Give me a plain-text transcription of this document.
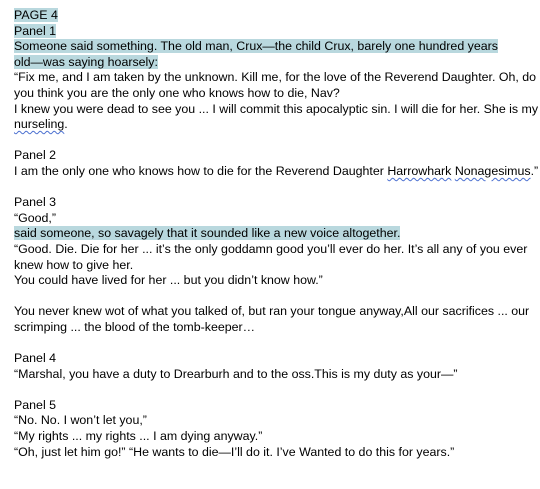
PAGE 4
Panel 1
Someone said something. The old man, Crux—the child Crux, barely one hundred years
old—was saying hoarsely:
“Fix me, and I am taken by the unknown. Kill me, for the love of the Reverend Daughter. Oh, do
you think you are the only one who knows how to die, Nav?
I knew you were dead to see you ... I will commit this apocalyptic sin. I will die for her. She is my
nurseling.
Panel 2
I am the only one who knows how to die for the Reverend Daughter Harrowhark Nonagesimus.”
Panel 3
“Good,”
said someone, so savagely that it sounded like a new voice altogether.
“Good. Die. Die for her ... it’s the only goddamn good you’ll ever do her. It’s all any of you ever
knew how to give her.
You could have lived for her ... but you didn’t know how.”
You never knew wot of what you talked of, but ran your tongue anyway,All our sacrifices ... our
scrimping ... the blood of the tomb-keeper…
Panel 4
“Marshal, you have a duty to Drearburh and to the oss.This is my duty as your—”
Panel 5
“No. No. I won’t let you,”
“My rights ... my rights ... I am dying anyway.”
“Oh, just let him go!” “He wants to die—I’ll do it. I’ve Wanted to do this for years.”
